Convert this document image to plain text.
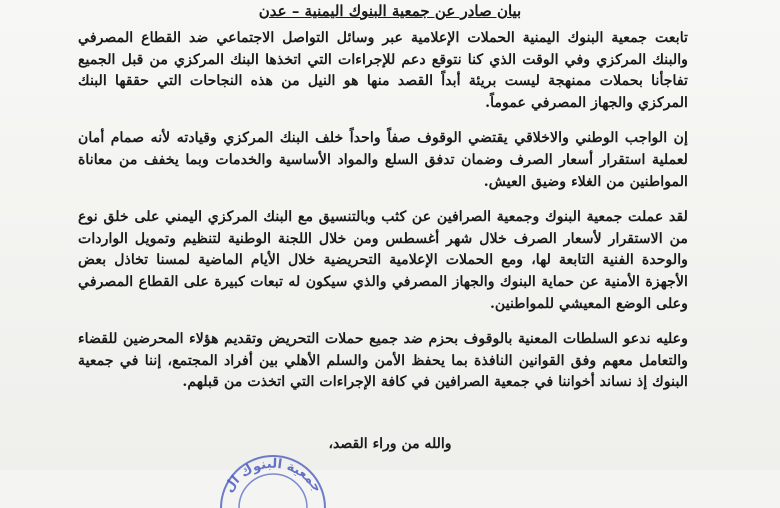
بيان صادر عن جمعية البنوك اليمنية – عدن

تابعت جمعية البنوك اليمنية الحملات الإعلامية عبر وسائل التواصل الاجتماعي ضد القطاع المصرفي والبنك المركزي وفي الوقت الذي كنا نتوقع دعم للإجراءات التي اتخذها البنك المركزي من قبل الجميع تفاجأنا بحملات ممنهجة ليست بريئة أبداً القصد منها هو النيل من هذه النجاحات التي حققها البنك المركزي والجهاز المصرفي عموماً.

إن الواجب الوطني والاخلاقي يقتضي الوقوف صفاً واحداً خلف البنك المركزي وقيادته لأنه صمام أمان لعملية استقرار أسعار الصرف وضمان تدفق السلع والمواد الأساسية والخدمات وبما يخفف من معاناة المواطنين من الغلاء وضيق العيش.

لقد عملت جمعية البنوك وجمعية الصرافين عن كثب وبالتنسيق مع البنك المركزي اليمني على خلق نوع من الاستقرار لأسعار الصرف خلال شهر أغسطس ومن خلال اللجنة الوطنية لتنظيم وتمويل الواردات والوحدة الفنية التابعة لها، ومع الحملات الإعلامية التحريضية خلال الأيام الماضية لمسنا تخاذل بعض الأجهزة الأمنية عن حماية البنوك والجهاز المصرفي والذي سيكون له تبعات كبيرة على القطاع المصرفي وعلى الوضع المعيشي للمواطنين.

وعليه ندعو السلطات المعنية بالوقوف بحزم ضد جميع حملات التحريض وتقديم هؤلاء المحرضين للقضاء والتعامل معهم وفق القوانين النافذة بما يحفظ الأمن والسلم الأهلي بين أفراد المجتمع، إننا في جمعية البنوك إذ نساند أخواننا في جمعية الصرافين في كافة الإجراءات التي اتخذت من قبلهم.

والله من وراء القصد،
جمعية البنوك ال
